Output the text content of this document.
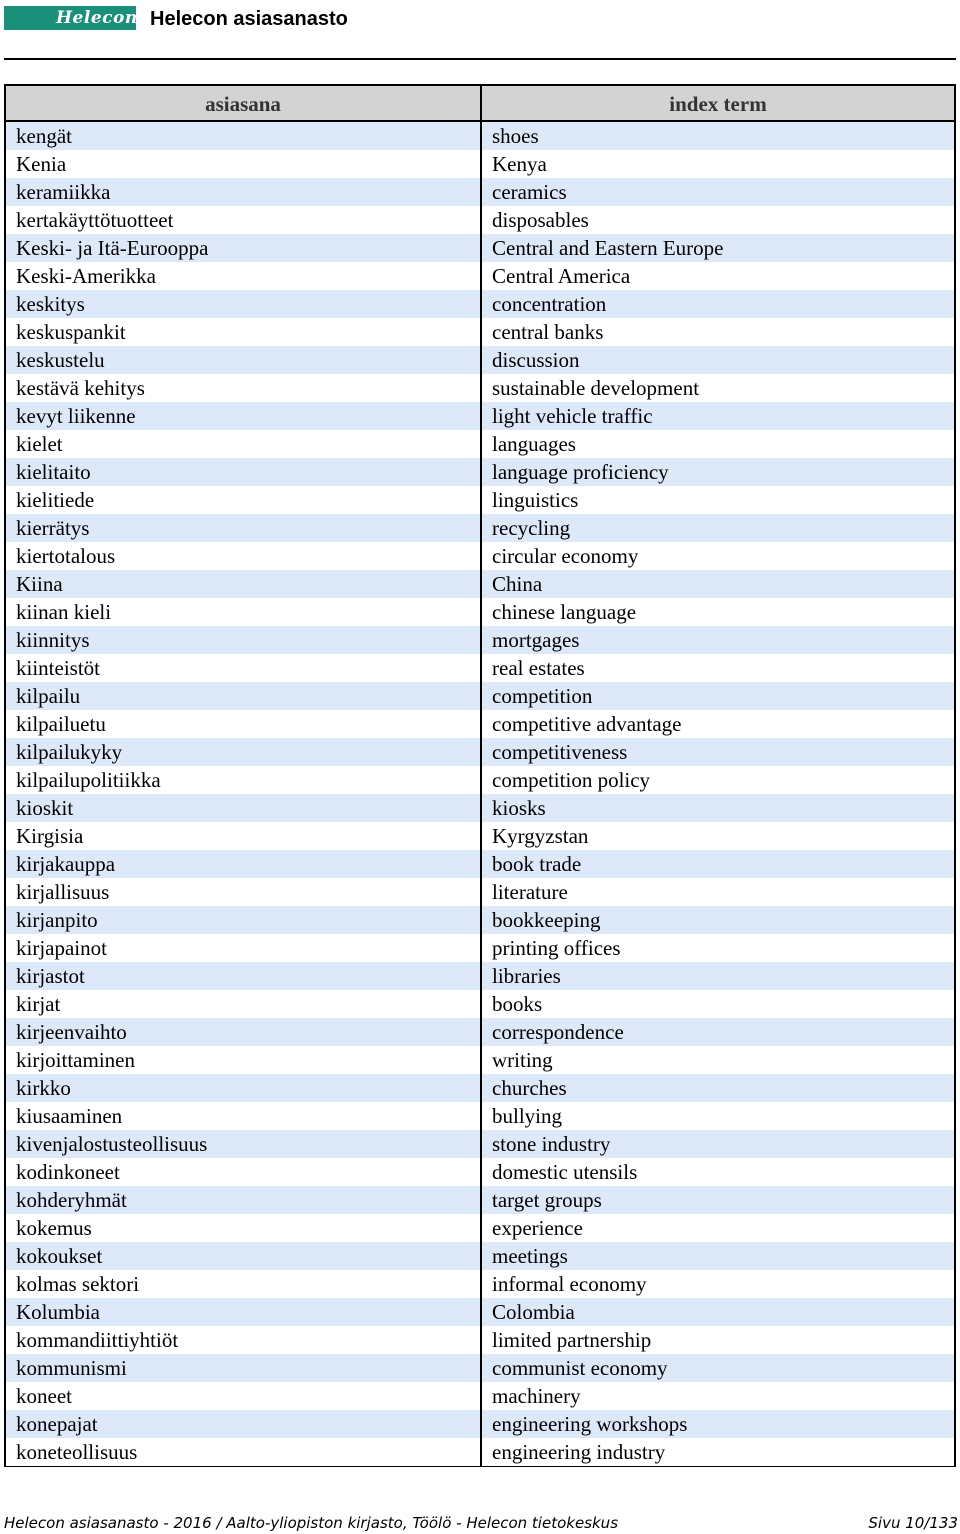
Helecon® Helecon asiasanasto
asiasana
kengät
Kenia
keramiikka
kertakäyttötuotteet
Keski- ja Itä-Eurooppa
Keski-Amerikka
keskitys
keskuspankit
keskustelu
kestävä kehitys
kevyt liikenne
kielet
kielitaito
kielitiede
kierrätys
kiertotalous
Kiina
kiinan kieli
kiinnitys
kiinteistöt
kilpailu
kilpailuetu
kilpailukyky
kilpailupolitiikka
kioskit
Kirgisia
kirjakauppa
kirjallisuus
kirjanpito
kirjapainot
kirjastot
kirjat
kirjeenvaihto
kirjoittaminen
kirkko
kiusaaminen
kivenjalostusteollisuus
kodinkoneet
kohderyhmät
kokemus
kokoukset
kolmas sektori
Kolumbia
kommandiittiyhtiöt
kommunismi
koneet
konepajat
koneteollisuus
index term
shoes
Kenya
ceramics
disposables
Central and Eastern Europe
Central America
concentration
central banks
discussion
sustainable development
light vehicle traffic
languages
language proficiency
linguistics
recycling
circular economy
China
chinese language
mortgages
real estates
competition
competitive advantage
competitiveness
competition policy
kiosks
Kyrgyzstan
book trade
literature
bookkeeping
printing offices
libraries
books
correspondence
writing
churches
bullying
stone industry
domestic utensils
target groups
experience
meetings
informal economy
Colombia
limited partnership
communist economy
machinery
engineering workshops
engineering industry
Helecon asiasanasto - 2016 / Aalto-yliopiston kirjasto, Töölö - Helecon tietokeskus	Sivu 10/133
